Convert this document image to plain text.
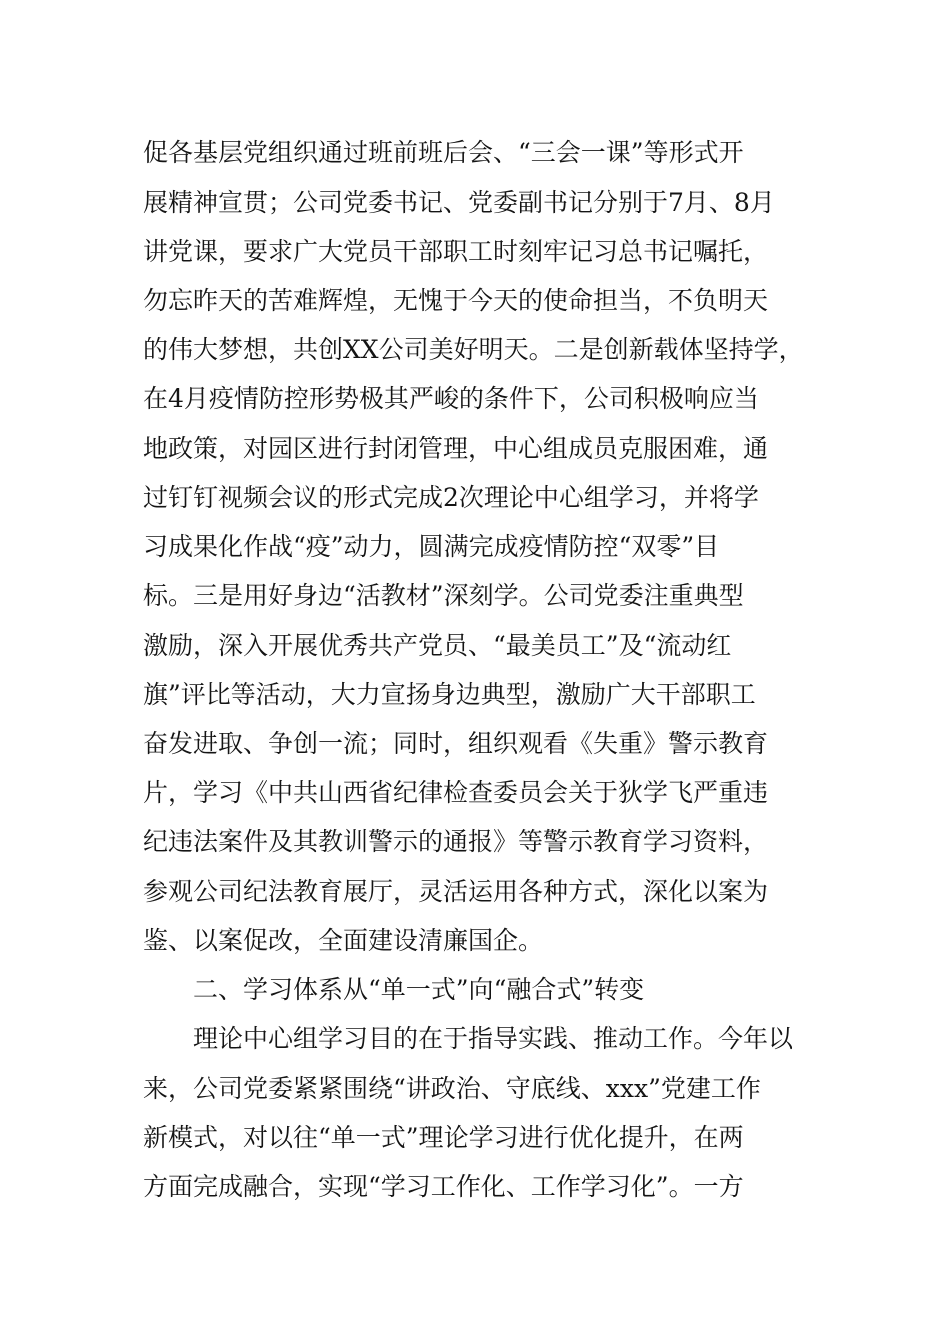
促各基层党组织通过班前班后会、“三会一课”等形式开
展精神宣贯；公司党委书记、党委副书记分别于7月、8月
讲党课，要求广大党员干部职工时刻牢记习总书记嘱托，
勿忘昨天的苦难辉煌，无愧于今天的使命担当，不负明天
的伟大梦想，共创XX公司美好明天。二是创新载体坚持学，
在4月疫情防控形势极其严峻的条件下，公司积极响应当
地政策，对园区进行封闭管理，中心组成员克服困难，通
过钉钉视频会议的形式完成2次理论中心组学习，并将学
习成果化作战“疫”动力，圆满完成疫情防控“双零”目
标。三是用好身边“活教材”深刻学。公司党委注重典型
激励，深入开展优秀共产党员、“最美员工”及“流动红
旗”评比等活动，大力宣扬身边典型，激励广大干部职工
奋发进取、争创一流；同时，组织观看《失重》警示教育
片，学习《中共山西省纪律检查委员会关于狄学飞严重违
纪违法案件及其教训警示的通报》等警示教育学习资料，
参观公司纪法教育展厅，灵活运用各种方式，深化以案为
鉴、以案促改，全面建设清廉国企。
二、学习体系从“单一式”向“融合式”转变
理论中心组学习目的在于指导实践、推动工作。今年以
来，公司党委紧紧围绕“讲政治、守底线、xxx”党建工作
新模式，对以往“单一式”理论学习进行优化提升，在两
方面完成融合，实现“学习工作化、工作学习化”。一方
